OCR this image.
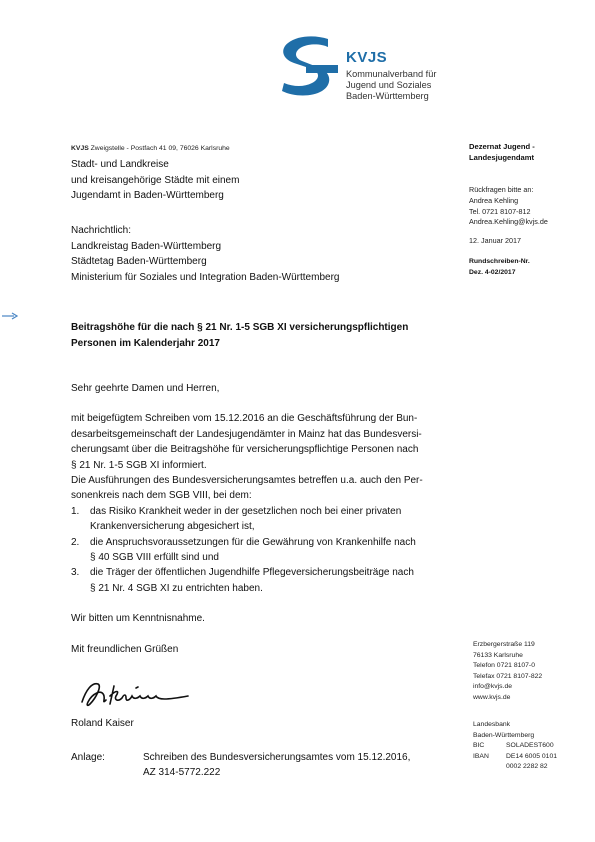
KVJS
Kommunalverband für
Jugend und Soziales
Baden-Württemberg
KVJS Zweigstelle - Postfach 41 09, 76026 Karlsruhe
Stadt- und Landkreise
und kreisangehörige Städte mit einem
Jugendamt in Baden-Württemberg
Nachrichtlich:
Landkreistag Baden-Württemberg
Städtetag Baden-Württemberg
Ministerium für Soziales und Integration Baden-Württemberg
Dezernat Jugend -
Landesjugendamt
Rückfragen bitte an:
Andrea Kehling
Tel. 0721 8107-812
Andrea.Kehling@kvjs.de
12. Januar 2017
Rundschreiben-Nr.
Dez. 4-02/2017
Beitragshöhe für die nach § 21 Nr. 1-5 SGB XI versicherungspflichtigen
Personen im Kalenderjahr 2017
Sehr geehrte Damen und Herren,
mit beigefügtem Schreiben vom 15.12.2016 an die Geschäftsführung der Bun-
desarbeitsgemeinschaft der Landesjugendämter in Mainz hat das Bundesversi-
cherungsamt über die Beitragshöhe für versicherungspflichtige Personen nach
§ 21 Nr. 1-5 SGB XI informiert.
Die Ausführungen des Bundesversicherungsamtes betreffen u.a. auch den Per-
sonenkreis nach dem SGB VIII, bei dem:
1. das Risiko Krankheit weder in der gesetzlichen noch bei einer privaten
Krankenversicherung abgesichert ist,
2. die Anspruchsvoraussetzungen für die Gewährung von Krankenhilfe nach
§ 40 SGB VIII erfüllt sind und
3. die Träger der öffentlichen Jugendhilfe Pflegeversicherungsbeiträge nach
§ 21 Nr. 4 SGB XI zu entrichten haben.
Wir bitten um Kenntnisnahme.
Mit freundlichen Grüßen
Roland Kaiser
Anlage:	Schreiben des Bundesversicherungsamtes vom 15.12.2016,
AZ 314-5772.222
Erzbergerstraße 119
76133 Karlsruhe
Telefon 0721 8107-0
Telefax 0721 8107-822
info@kvjs.de
www.kvjs.de
Landesbank
Baden-Württemberg
BIC	SOLADEST600
IBAN	DE14 6005 0101
0002 2282 82
